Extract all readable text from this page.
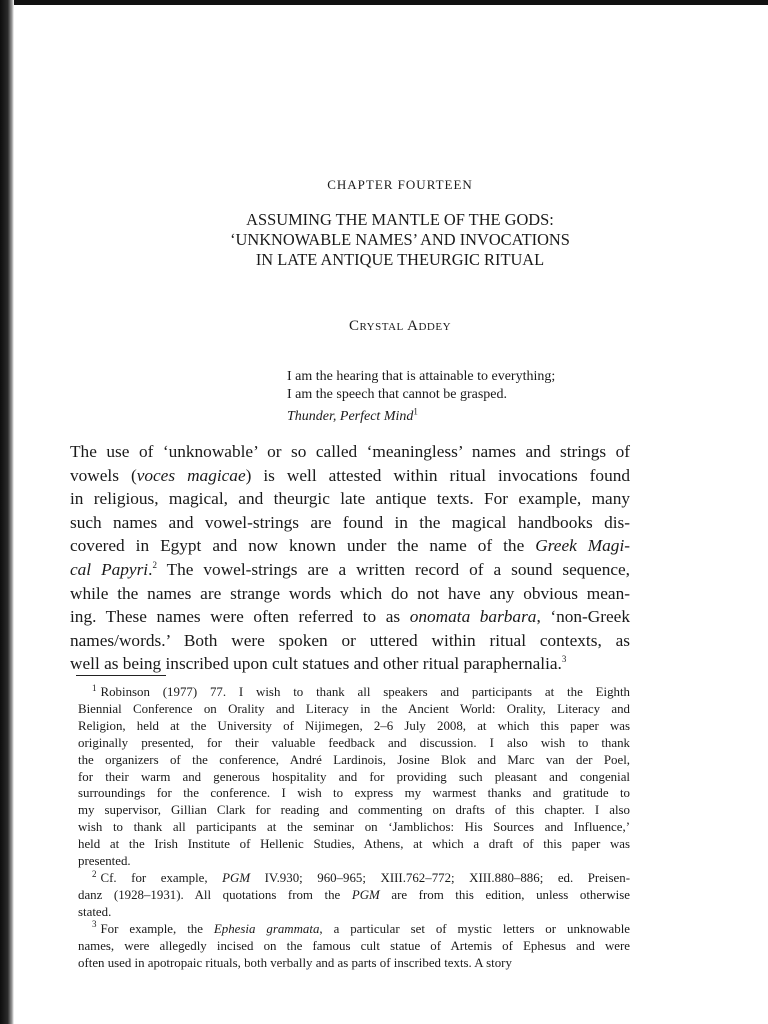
CHAPTER FOURTEEN
ASSUMING THE MANTLE OF THE GODS:
‘UNKNOWABLE NAMES’ AND INVOCATIONS
IN LATE ANTIQUE THEURGIC RITUAL
Crystal Addey
I am the hearing that is attainable to everything;
I am the speech that cannot be grasped.
Thunder, Perfect Mind$^1$
The use of ‘unknowable’ or so called ‘meaningless’ names and strings of
vowels (voces magicae) is well attested within ritual invocations found
in religious, magical, and theurgic late antique texts. For example, many
such names and vowel-strings are found in the magical handbooks dis-
covered in Egypt and now known under the name of the Greek Magi-
cal Papyri.$^2$ The vowel-strings are a written record of a sound sequence,
while the names are strange words which do not have any obvious mean-
ing. These names were often referred to as onomata barbara, ‘non-Greek
names/words.’ Both were spoken or uttered within ritual contexts, as
well as being inscribed upon cult statues and other ritual paraphernalia.$^3$
$^1$ Robinson (1977) 77. I wish to thank all speakers and participants at the Eighth
Biennial Conference on Orality and Literacy in the Ancient World: Orality, Literacy and
Religion, held at the University of Nijimegen, 2–6 July 2008, at which this paper was
originally presented, for their valuable feedback and discussion. I also wish to thank
the organizers of the conference, André Lardinois, Josine Blok and Marc van der Poel,
for their warm and generous hospitality and for providing such pleasant and congenial
surroundings for the conference. I wish to express my warmest thanks and gratitude to
my supervisor, Gillian Clark for reading and commenting on drafts of this chapter. I also
wish to thank all participants at the seminar on ‘Jamblichos: His Sources and Influence,’
held at the Irish Institute of Hellenic Studies, Athens, at which a draft of this paper was
presented.
$^2$ Cf. for example, PGM IV.930; 960–965; XIII.762–772; XIII.880–886; ed. Preisen-
danz (1928–1931). All quotations from the PGM are from this edition, unless otherwise
stated.
$^3$ For example, the Ephesia grammata, a particular set of mystic letters or unknowable
names, were allegedly incised on the famous cult statue of Artemis of Ephesus and were
often used in apotropaic rituals, both verbally and as parts of inscribed texts. A story
